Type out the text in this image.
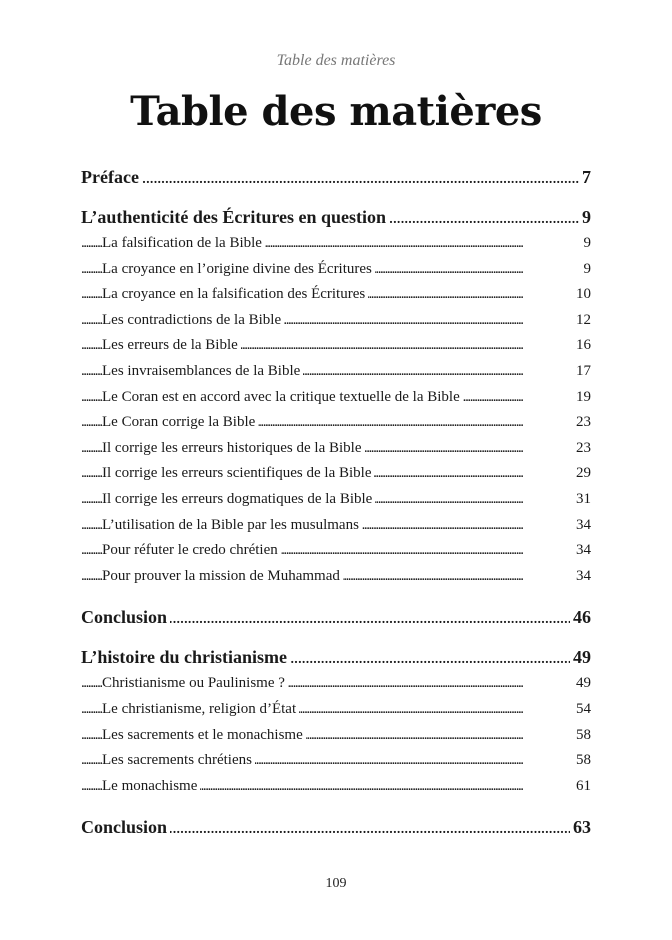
Table des matières
Table des matières
Préface	7
. . .
L’authenticité des Écritures en question	9
. . .
La falsification de la Bible	9
. . .
La croyance en l’origine divine des Écritures	9
. . .
La croyance en la falsification des Écritures	10
. . .
Les contradictions de la Bible	12
. . .
Les erreurs de la Bible	16
. . .
Les invraisemblances de la Bible	17
. . .
Le Coran est en accord avec la critique textuelle de la Bible	19
. . .
Le Coran corrige la Bible	23
. . .
Il corrige les erreurs historiques de la Bible	23
. . .
Il corrige les erreurs scientifiques de la Bible	29
. . .
Il corrige les erreurs dogmatiques de la Bible	31
. . .
L’utilisation de la Bible par les musulmans	34
. . .
Pour réfuter le credo chrétien	34
. . .
Pour prouver la mission de Muhammad	34
. . .
Conclusion	46
. . .
L’histoire du christianisme	49
. . .
Christianisme ou Paulinisme ?	49
. . .
Le christianisme, religion d’État	54
. . .
Les sacrements et le monachisme	58
. . .
Les sacrements chrétiens	58
. . .
Le monachisme	61
. . .
Conclusion	63
. . .
109
